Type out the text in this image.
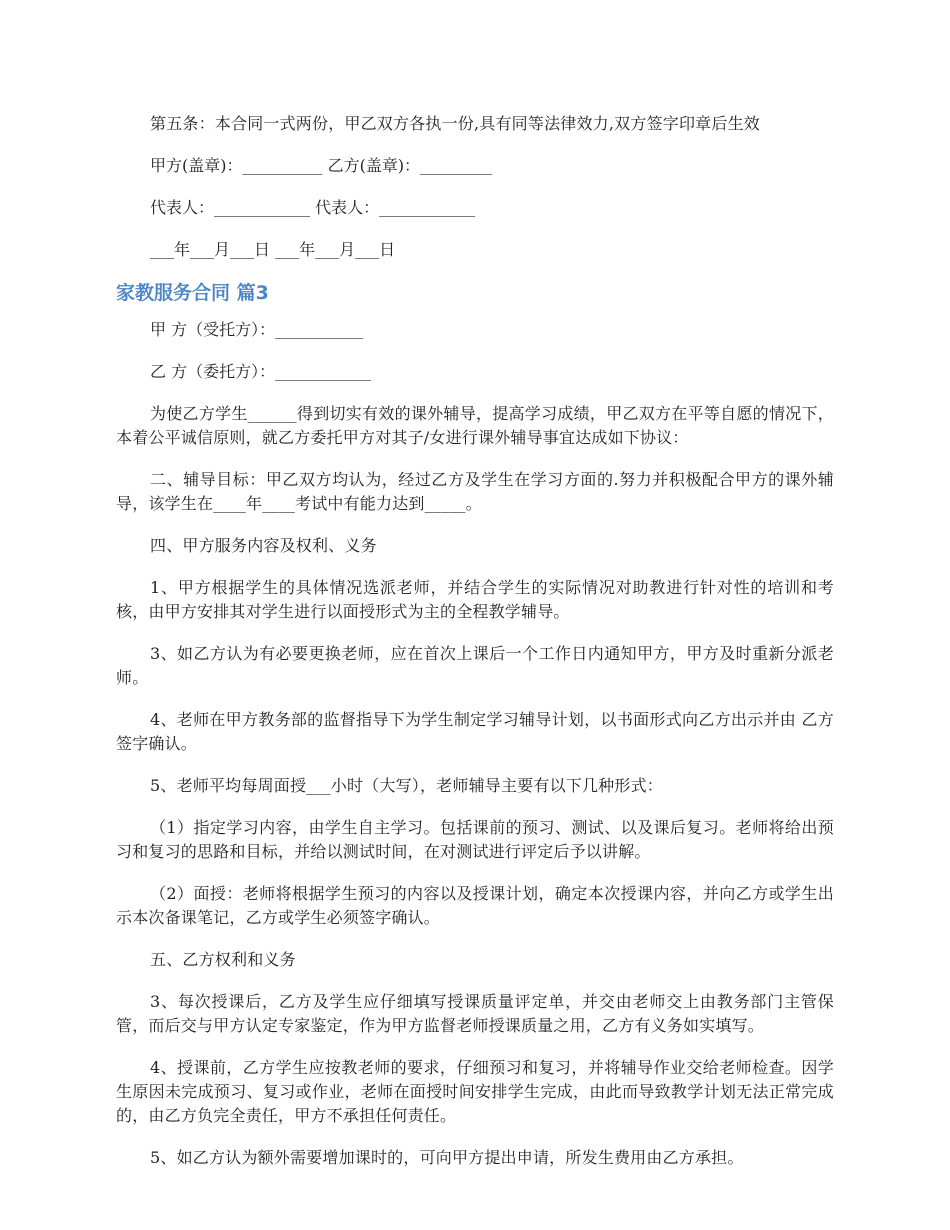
第五条：本合同一式两份，甲乙双方各执一份,具有同等法律效力,双方签字印章后生效

甲方(盖章)：__________ 乙方(盖章)：_________

代表人：____________ 代表人：____________

___年___月___日 ___年___月___日

家教服务合同 篇3

甲 方（受托方）：___________

乙 方（委托方）：____________

为使乙方学生______得到切实有效的课外辅导，提高学习成绩，甲乙双方在平等自愿的情况下，本着公平诚信原则，就乙方委托甲方对其子/女进行课外辅导事宜达成如下协议：

二、辅导目标：甲乙双方均认为，经过乙方及学生在学习方面的.努力并积极配合甲方的课外辅 导，该学生在____年____考试中有能力达到_____。

四、甲方服务内容及权利、义务

1、甲方根据学生的具体情况选派老师，并结合学生的实际情况对助教进行针对性的培训和考核，由甲方安排其对学生进行以面授形式为主的全程教学辅导。

3、如乙方认为有必要更换老师，应在首次上课后一个工作日内通知甲方，甲方及时重新分派老师。

4、老师在甲方教务部的监督指导下为学生制定学习辅导计划，以书面形式向乙方出示并由 乙方签字确认。

5、老师平均每周面授___小时（大写），老师辅导主要有以下几种形式：

（1）指定学习内容，由学生自主学习。包括课前的预习、测试、以及课后复习。老师将给出预习和复习的思路和目标，并给以测试时间，在对测试进行评定后予以讲解。

（2）面授：老师将根据学生预习的内容以及授课计划，确定本次授课内容，并向乙方或学生出示本次备课笔记，乙方或学生必须签字确认。

五、乙方权利和义务

3、每次授课后，乙方及学生应仔细填写授课质量评定单，并交由老师交上由教务部门主管保管，而后交与甲方认定专家鉴定，作为甲方监督老师授课质量之用，乙方有义务如实填写。

4、授课前，乙方学生应按教老师的要求，仔细预习和复习，并将辅导作业交给老师检查。因学生原因未完成预习、复习或作业，老师在面授时间安排学生完成，由此而导致教学计划无法正常完成的，由乙方负完全责任，甲方不承担任何责任。

5、如乙方认为额外需要增加课时的，可向甲方提出申请，所发生费用由乙方承担。
